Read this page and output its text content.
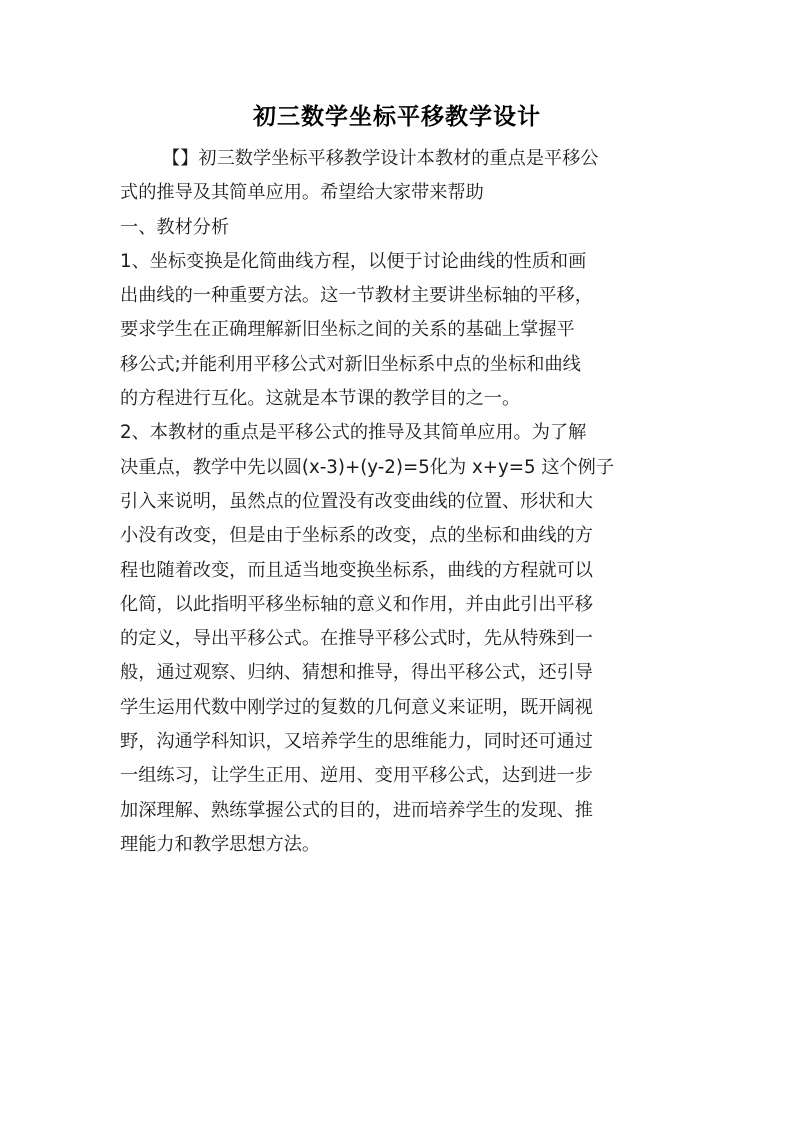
初三数学坐标平移教学设计
【】初三数学坐标平移教学设计本教材的重点是平移公
式的推导及其简单应用。希望给大家带来帮助
一、教材分析
1、坐标变换是化简曲线方程，以便于讨论曲线的性质和画
出曲线的一种重要方法。这一节教材主要讲坐标轴的平移，
要求学生在正确理解新旧坐标之间的关系的基础上掌握平
移公式;并能利用平移公式对新旧坐标系中点的坐标和曲线
的方程进行互化。这就是本节课的教学目的之一。
2、本教材的重点是平移公式的推导及其简单应用。为了解
决重点，教学中先以圆(x-3)+(y-2)=5化为 x+y=5 这个例子
引入来说明，虽然点的位置没有改变曲线的位置、形状和大
小没有改变，但是由于坐标系的改变，点的坐标和曲线的方
程也随着改变，而且适当地变换坐标系，曲线的方程就可以
化简，以此指明平移坐标轴的意义和作用，并由此引出平移
的定义，导出平移公式。在推导平移公式时，先从特殊到一
般，通过观察、归纳、猜想和推导，得出平移公式，还引导
学生运用代数中刚学过的复数的几何意义来证明，既开阔视
野，沟通学科知识，又培养学生的思维能力，同时还可通过
一组练习，让学生正用、逆用、变用平移公式，达到进一步
加深理解、熟练掌握公式的目的，进而培养学生的发现、推
理能力和教学思想方法。
